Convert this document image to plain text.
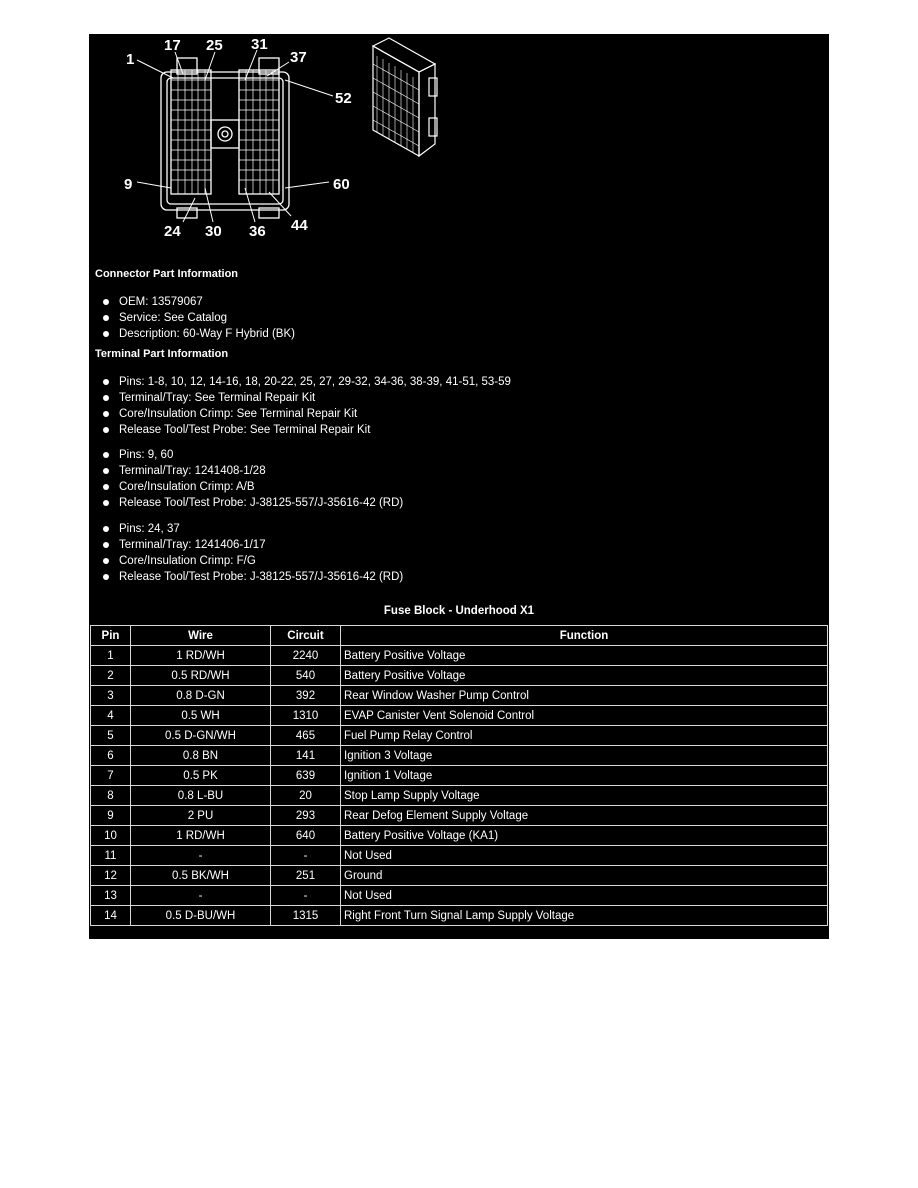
1
17 25 31
37
52
9	60
24 30 36 44
Connector Part Information
OEM: 13579067
Service: See Catalog
Description: 60-Way F Hybrid (BK)
Terminal Part Information
Pins: 1-8, 10, 12, 14-16, 18, 20-22, 25, 27, 29-32, 34-36, 38-39, 41-51, 53-59
Terminal/Tray: See Terminal Repair Kit
Core/Insulation Crimp: See Terminal Repair Kit
Release Tool/Test Probe: See Terminal Repair Kit
Pins: 9, 60
Terminal/Tray: 1241408-1/28
Core/Insulation Crimp: A/B
Release Tool/Test Probe: J-38125-557/J-35616-42 (RD)
Pins: 24, 37
Terminal/Tray: 1241406-1/17
Core/Insulation Crimp: F/G
Release Tool/Test Probe: J-38125-557/J-35616-42 (RD)
Fuse Block - Underhood X1
Pin	Wire	Circuit	Function
1	1 RD/WH	2240	Battery Positive Voltage
2	0.5 RD/WH	540	Battery Positive Voltage
3	0.8 D-GN	392	Rear Window Washer Pump Control
4	0.5 WH	1310	EVAP Canister Vent Solenoid Control
5	0.5 D-GN/WH	465	Fuel Pump Relay Control
6	0.8 BN	141	Ignition 3 Voltage
7	0.5 PK	639	Ignition 1 Voltage
8	0.8 L-BU	20	Stop Lamp Supply Voltage
9	2 PU	293	Rear Defog Element Supply Voltage
10	1 RD/WH	640	Battery Positive Voltage (KA1)
11	-	-	Not Used
12	0.5 BK/WH	251	Ground
13	-	-	Not Used
14	0.5 D-BU/WH	1315	Right Front Turn Signal Lamp Supply Voltage
